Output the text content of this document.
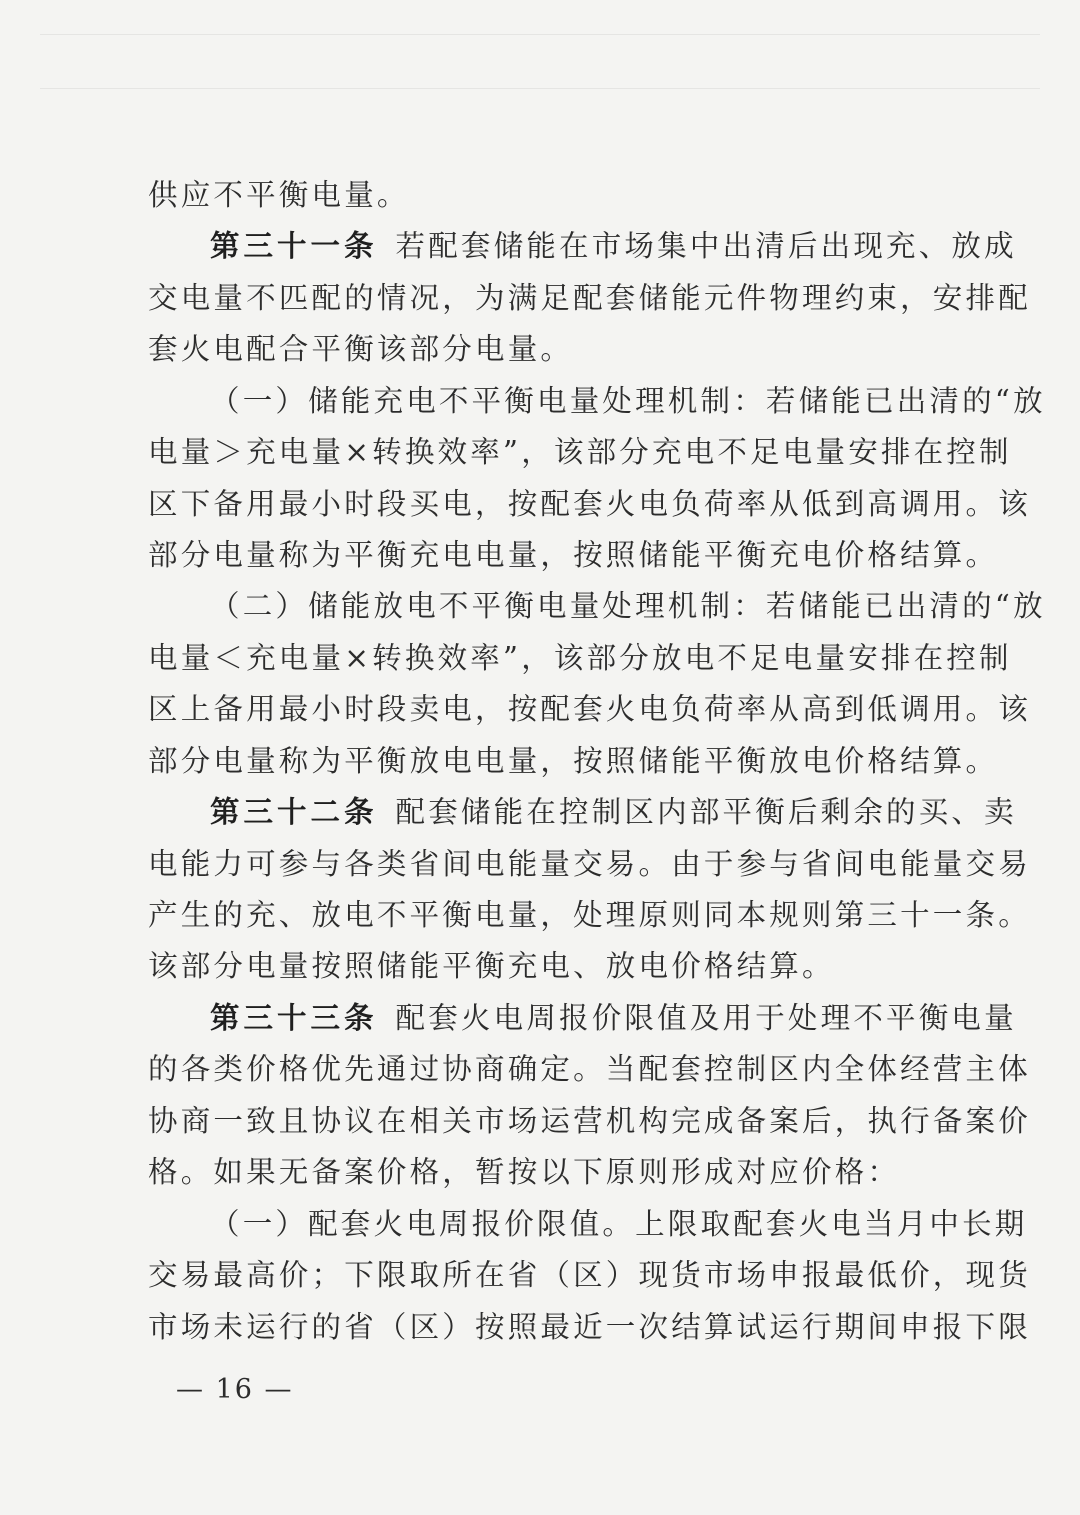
供应不平衡电量。
第三十一条 若配套储能在市场集中出清后出现充、放成
交电量不匹配的情况，为满足配套储能元件物理约束，安排配
套火电配合平衡该部分电量。
（一）储能充电不平衡电量处理机制：若储能已出清的“放
电量＞充电量×转换效率”，该部分充电不足电量安排在控制
区下备用最小时段买电，按配套火电负荷率从低到高调用。该
部分电量称为平衡充电电量，按照储能平衡充电价格结算。
（二）储能放电不平衡电量处理机制：若储能已出清的“放
电量＜充电量×转换效率”，该部分放电不足电量安排在控制
区上备用最小时段卖电，按配套火电负荷率从高到低调用。该
部分电量称为平衡放电电量，按照储能平衡放电价格结算。
第三十二条 配套储能在控制区内部平衡后剩余的买、卖
电能力可参与各类省间电能量交易。由于参与省间电能量交易
产生的充、放电不平衡电量，处理原则同本规则第三十一条。
该部分电量按照储能平衡充电、放电价格结算。
第三十三条 配套火电周报价限值及用于处理不平衡电量
的各类价格优先通过协商确定。当配套控制区内全体经营主体
协商一致且协议在相关市场运营机构完成备案后，执行备案价
格。如果无备案价格，暂按以下原则形成对应价格：
（一）配套火电周报价限值。上限取配套火电当月中长期
交易最高价；下限取所在省（区）现货市场申报最低价，现货
市场未运行的省（区）按照最近一次结算试运行期间申报下限
— 16 —
